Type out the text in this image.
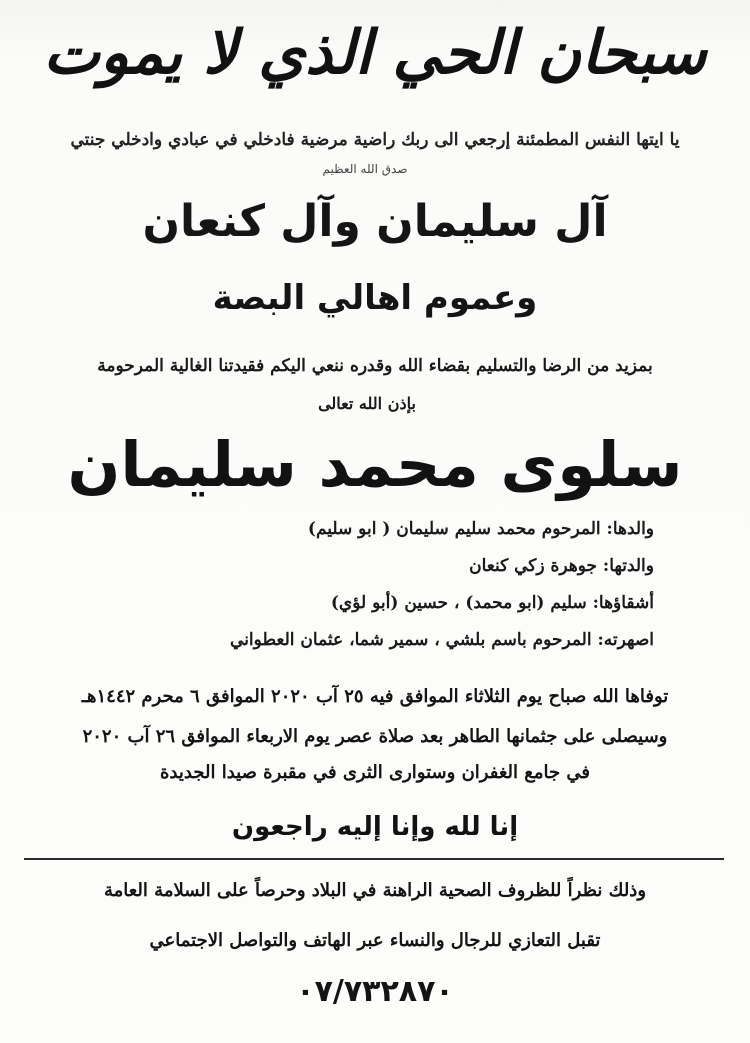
سبحان الحي الذي لا يموت
يا ايتها النفس المطمئنة إرجعي الى ربك راضية مرضية فادخلي في عبادي وادخلي جنتي
صدق الله العظيم
آل سليمان وآل كنعان
وعموم اهالي البصة
بمزيد من الرضا والتسليم بقضاء الله وقدره ننعي اليكم فقيدتنا الغالية المرحومة
بإذن الله تعالى
سلوى محمد سليمان
والدها: المرحوم محمد سليم سليمان ( ابو سليم)
والدتها: جوهرة زكي كنعان
أشقاؤها: سليم (ابو محمد) ، حسين (أبو لؤي)
اصهرته: المرحوم باسم بلشي ، سمير شما، عثمان العطواني
توفاها الله صباح يوم الثلاثاء الموافق فيه ٢٥ آب ٢٠٢٠ الموافق ٦ محرم ١٤٤٢هـ
وسيصلى على جثمانها الطاهر بعد صلاة عصر يوم الاربعاء الموافق ٢٦ آب ٢٠٢٠
في جامع الغفران وستوارى الثرى في مقبرة صيدا الجديدة
إنا لله وإنا إليه راجعون
وذلك نظراً للظروف الصحية الراهنة في البلاد وحرصاً على السلامة العامة
تقبل التعازي للرجال والنساء عبر الهاتف والتواصل الاجتماعي
٠٧/٧٣٢٨٧٠
